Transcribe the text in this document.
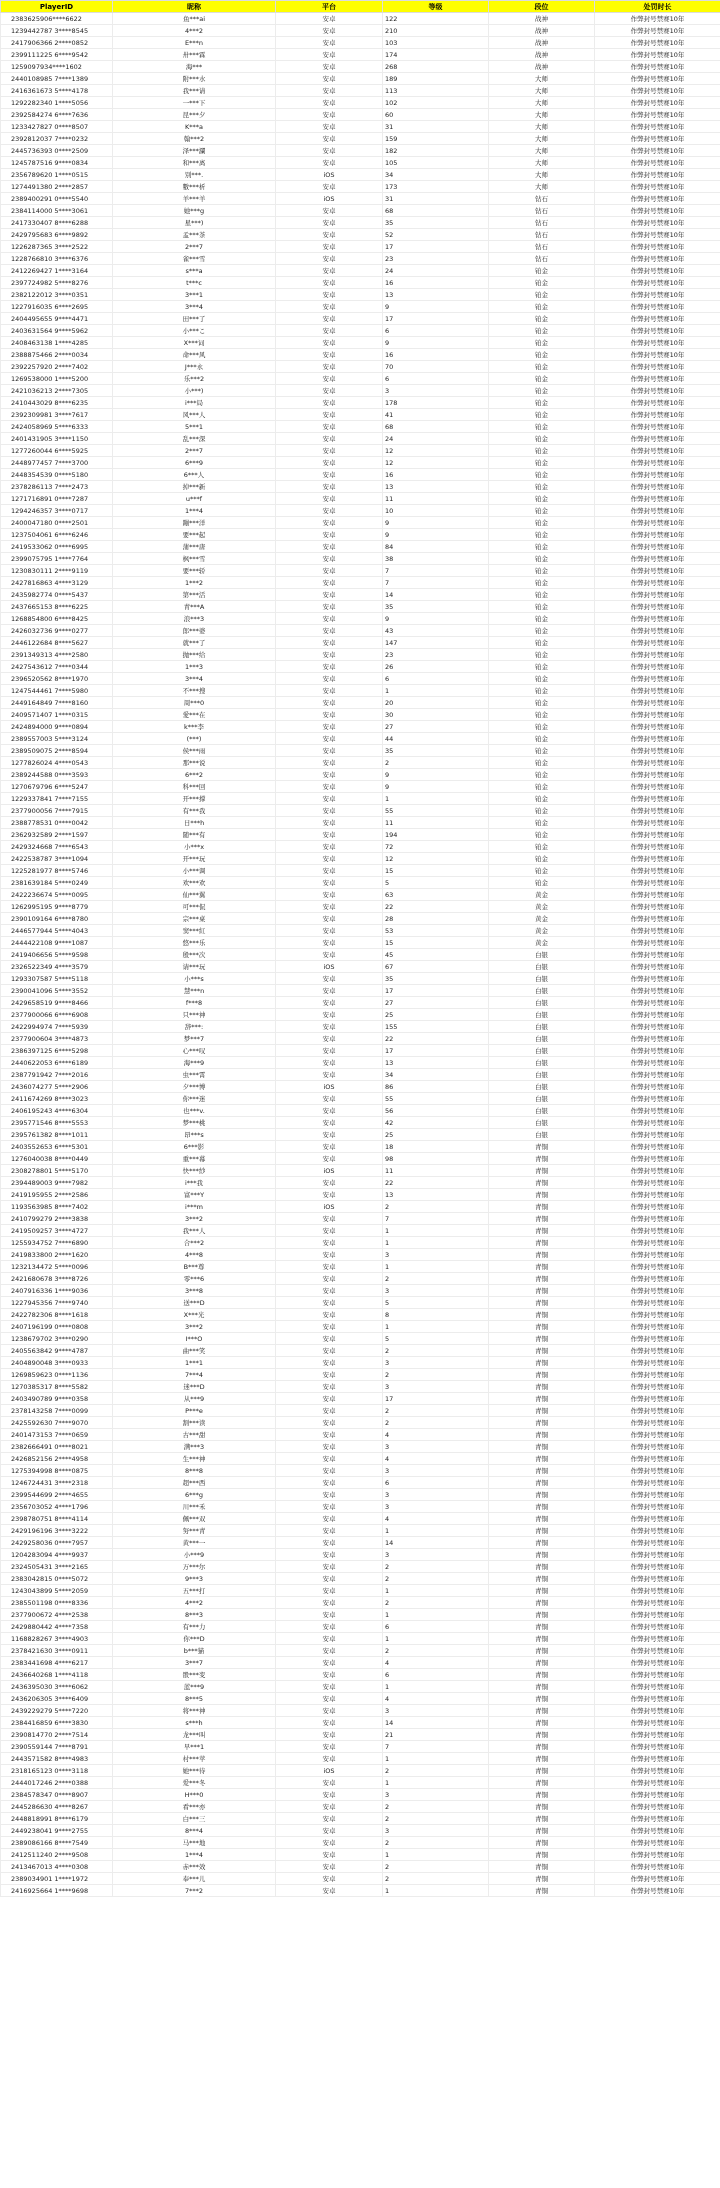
PlayerID	昵称	平台	等级	段位	处罚时长
2383625906****6622	鱼***ai	安卓	122	战神	作弊封号禁赛10年
1239442787 3****8545	4***2	安卓	210	战神	作弊封号禁赛10年
2417906366 2****0852	E***n	安卓	103	战神	作弊封号禁赛10年
2399111225 6****9542	卅***霖	安卓	174	战神	作弊封号禁赛10年
1259097934****1602	海***	安卓	268	战神	作弊封号禁赛10年
2440108985 7****1389	附***水	安卓	189	大师	作弊封号禁赛10年
2416361673 5****4178	我***请	安卓	113	大师	作弊封号禁赛10年
1292282340 1****5056	一***下	安卓	102	大师	作弊封号禁赛10年
2392584274 6****7636	昆***夕	安卓	60	大师	作弊封号禁赛10年
1233427827 0****8507	K***a	安卓	31	大师	作弊封号禁赛10年
2392812037 7****0232	翰***2	安卓	159	大师	作弊封号禁赛10年
2445736393 0****2509	泽***瀾	安卓	182	大师	作弊封号禁赛10年
1245787516 9****0834	和***离	安卓	105	大师	作弊封号禁赛10年
2356789620 1****0515	別***.	iOS	34	大师	作弊封号禁赛10年
1274491380 2****2857	數***析	安卓	173	大师	作弊封号禁赛10年
2389400291 0****5540	羊***羊	iOS	31	钻石	作弊封号禁赛10年
2384114000 5****3061	她***g	安卓	68	钻石	作弊封号禁赛10年
2417330407 8****6288	星***)	安卓	35	钻石	作弊封号禁赛10年
2429795683 6****9892	孟***茶	安卓	52	钻石	作弊封号禁赛10年
1226287365 3****2522	2***7	安卓	17	钻石	作弊封号禁赛10年
1228766810 3****6376	雀***雪	安卓	23	钻石	作弊封号禁赛10年
2412269427 1****3164	s***a	安卓	24	铂金	作弊封号禁赛10年
2397724982 5****8276	t***c	安卓	16	铂金	作弊封号禁赛10年
2382122012 3****0351	3***1	安卓	13	铂金	作弊封号禁赛10年
1227916035 6****2695	3***4	安卓	9	铂金	作弊封号禁赛10年
2404495655 9****4471	田***了	安卓	17	铂金	作弊封号禁赛10年
2403631564 9****5962	小***こ	安卓	6	铂金	作弊封号禁赛10年
2408463138 1****4285	X***词	安卓	9	铂金	作弊封号禁赛10年
2388875466 2****0034	命***风	安卓	16	铂金	作弊封号禁赛10年
2392257920 2****7402	J***永	安卓	70	铂金	作弊封号禁赛10年
1269538000 1****5200	乐***2	安卓	6	铂金	作弊封号禁赛10年
2421036213 2****7305	小***)	安卓	3	铂金	作弊封号禁赛10年
2410443029 8****6235	i***局	安卓	178	铂金	作弊封号禁赛10年
2392309981 3****7617	风***人	安卓	41	铂金	作弊封号禁赛10年
2424058969 5****6333	5***1	安卓	68	铂金	作弊封号禁赛10年
2401431905 3****1150	乱***深	安卓	24	铂金	作弊封号禁赛10年
1277260044 6****5925	2***7	安卓	12	铂金	作弊封号禁赛10年
2448977457 7****3700	6***9	安卓	12	铂金	作弊封号禁赛10年
2448354539 0****5180	6***人	安卓	16	铂金	作弊封号禁赛10年
2378286113 7****2473	掉***新	安卓	13	铂金	作弊封号禁赛10年
1271716891 0****7287	u***f	安卓	11	铂金	作弊封号禁赛10年
1294246357 3****0717	1***4	安卓	10	铂金	作弊封号禁赛10年
2400047180 0****2501	蹦***洋	安卓	9	铂金	作弊封号禁赛10年
1237504061 6****6246	要***起	安卓	9	铂金	作弊封号禁赛10年
2419533062 0****6995	蒲***唐	安卓	84	铂金	作弊封号禁赛10年
2399075795 1****7764	枫***雪	安卓	38	铂金	作弊封号禁赛10年
1230830111 2****9119	要***轿	安卓	7	铂金	作弊封号禁赛10年
2427816863 4****3129	1***2	安卓	7	铂金	作弊封号禁赛10年
2435982774 0****5437	第***活	安卓	14	铂金	作弊封号禁赛10年
2437665153 8****6225	青***A	安卓	35	铂金	作弊封号禁赛10年
1268854800 6****8425	浪***3	安卓	9	铂金	作弊封号禁赛10年
2426032736 9****0277	郎***婆	安卓	43	铂金	作弊封号禁赛10年
2446122684 8****5627	就***了	安卓	147	铂金	作弊封号禁赛10年
2391349313 4****2580	抛***给	安卓	23	铂金	作弊封号禁赛10年
2427543612 7****0344	1***3	安卓	26	铂金	作弊封号禁赛10年
2396520562 8****1970	3***4	安卓	6	铂金	作弊封号禁赛10年
1247544461 7****5980	不***搜	安卓	1	铂金	作弊封号禁赛10年
2449164849 7****8160	周***0	安卓	20	铂金	作弊封号禁赛10年
2409571407 1****0315	愛***在	安卓	30	铂金	作弊封号禁赛10年
2424894000 9****0894	k***李	安卓	27	铂金	作弊封号禁赛10年
2389557003 5****3124	(***)	安卓	44	铂金	作弊封号禁赛10年
2389509075 2****8594	侯***雨	安卓	35	铂金	作弊封号禁赛10年
1277826024 4****0543	那***说	安卓	2	铂金	作弊封号禁赛10年
2389244588 0****3593	6***2	安卓	9	铂金	作弊封号禁赛10年
1270679796 6****5247	科***回	安卓	9	铂金	作弊封号禁赛10年
1229337841 7****7155	开***撑	安卓	1	铂金	作弊封号禁赛10年
2377900056 7****7915	有***我	安卓	55	铂金	作弊封号禁赛10年
2388778531 0****0042	日***h	安卓	11	铂金	作弊封号禁赛10年
2362932589 2****1597	随***有	安卓	194	铂金	作弊封号禁赛10年
2429324668 7****6543	小***x	安卓	72	铂金	作弊封号禁赛10年
2422538787 3****1094	开***玩	安卓	12	铂金	作弊封号禁赛10年
1225281977 8****5746	小***调	安卓	15	铂金	作弊封号禁赛10年
2381639184 5****0249	欢***欢	安卓	5	铂金	作弊封号禁赛10年
2422236674 5****0095	仙***翼	安卓	63	黄金	作弊封号禁赛10年
1262995195 9****8779	可***侃	安卓	22	黄金	作弊封号禁赛10年
2390109164 6****8780	宗***桌	安卓	28	黄金	作弊封号禁赛10年
2446577944 5****4043	窦***紅	安卓	53	黄金	作弊封号禁赛10年
2444422108 9****1087	悠***乐	安卓	15	黄金	作弊封号禁赛10年
2419406656 5****9598	殷***次	安卓	45	白银	作弊封号禁赛10年
2326522349 4****3579	请***玩	iOS	67	白银	作弊封号禁赛10年
1293307587 5****5118	小***s	安卓	35	白银	作弊封号禁赛10年
2390041096 5****3552	慧***n	安卓	17	白银	作弊封号禁赛10年
2429658519 9****8466	f***8	安卓	27	白银	作弊封号禁赛10年
2377900066 6****6908	只***神	安卓	25	白银	作弊封号禁赛10年
2422994974 7****5939	辞***:	安卓	155	白银	作弊封号禁赛10年
2377900604 3****4873	梦***7	安卓	22	白银	作弊封号禁赛10年
2386397125 6****5298	心***叹	安卓	17	白银	作弊封号禁赛10年
2440622053 6****6189	海***9	安卓	13	白银	作弊封号禁赛10年
2387791942 7****2016	虫***霄	安卓	34	白银	作弊封号禁赛10年
2436074277 5****2906	夕***博	iOS	86	白银	作弊封号禁赛10年
2411674269 8****3023	你***迷	安卓	55	白银	作弊封号禁赛10年
2406195243 4****6304	也***v.	安卓	56	白银	作弊封号禁赛10年
2395771546 8****5553	梦***桃	安卓	42	白银	作弊封号禁赛10年
2395761382 8****1011	昂***s	安卓	25	白银	作弊封号禁赛10年
2403552653 6****5301	6***影	安卓	18	青铜	作弊封号禁赛10年
1276040038 8****0449	重***幕	安卓	98	青铜	作弊封号禁赛10年
2308278801 5****5170	快***紗	iOS	11	青铜	作弊封号禁赛10年
2394489003 9****7982	i***我	安卓	22	青铜	作弊封号禁赛10年
2419195955 2****2586	富***Y	安卓	13	青铜	作弊封号禁赛10年
1193563985 8****7402	i***m	iOS	2	青铜	作弊封号禁赛10年
2410799279 2****3838	3***2	安卓	7	青铜	作弊封号禁赛10年
2419509257 3****4727	我***人	安卓	1	青铜	作弊封号禁赛10年
1255934752 7****6890	合***2	安卓	1	青铜	作弊封号禁赛10年
2419833800 2****1620	4***8	安卓	3	青铜	作弊封号禁赛10年
1232134472 5****0096	B***尊	安卓	1	青铜	作弊封号禁赛10年
2421680678 3****8726	零***6	安卓	2	青铜	作弊封号禁赛10年
2407916336 1****9036	3***8	安卓	3	青铜	作弊封号禁赛10年
1227945356 7****9740	送***D	安卓	5	青铜	作弊封号禁赛10年
2422782306 8****1618	X***光	安卓	8	青铜	作弊封号禁赛10年
2407196199 0****0808	3***2	安卓	1	青铜	作弊封号禁赛10年
1238679702 3****0290	I***O	安卓	5	青铜	作弊封号禁赛10年
2405563842 9****4787	曲***笑	安卓	2	青铜	作弊封号禁赛10年
2404890048 3****0933	1***1	安卓	3	青铜	作弊封号禁赛10年
1269859623 0****1136	7***4	安卓	2	青铜	作弊封号禁赛10年
1270385317 8****5582	迷***D	安卓	3	青铜	作弊封号禁赛10年
2403490789 9****0358	从***9	安卓	17	青铜	作弊封号禁赛10年
2378143258 7****0099	P***e	安卓	2	青铜	作弊封号禁赛10年
2425592630 7****9070	割***读	安卓	2	青铜	作弊封号禁赛10年
2401473153 7****0659	古***甜	安卓	4	青铜	作弊封号禁赛10年
2382666491 0****8021	满***3	安卓	3	青铜	作弊封号禁赛10年
2426852156 2****4958	生***神	安卓	4	青铜	作弊封号禁赛10年
1275394998 8****0875	8***8	安卓	3	青铜	作弊封号禁赛10年
1246724431 3****2318	超***西	安卓	6	青铜	作弊封号禁赛10年
2399544699 2****4655	6***g	安卓	3	青铜	作弊封号禁赛10年
2356703052 4****1796	川***禾	安卓	3	青铜	作弊封号禁赛10年
2398780751 8****4114	佩***双	安卓	4	青铜	作弊封号禁赛10年
2429196196 3****3222	努***青	安卓	1	青铜	作弊封号禁赛10年
2429258036 0****7957	黄***一	安卓	14	青铜	作弊封号禁赛10年
1204283094 4****9937	小***9	安卓	3	青铜	作弊封号禁赛10年
2324505431 3****2165	万***尔	安卓	2	青铜	作弊封号禁赛10年
2383042815 0****5072	9***3	安卓	2	青铜	作弊封号禁赛10年
1243043899 5****2059	五***打	安卓	1	青铜	作弊封号禁赛10年
2385501198 0****8336	4***2	安卓	2	青铜	作弊封号禁赛10年
2377900672 4****2538	8***3	安卓	1	青铜	作弊封号禁赛10年
2429880442 4****7358	有***力	安卓	6	青铜	作弊封号禁赛10年
1168828267 3****4903	你***D	安卓	1	青铜	作弊封号禁赛10年
2378421630 3****0911	b***猫	安卓	2	青铜	作弊封号禁赛10年
2383441698 4****6217	3***7	安卓	4	青铜	作弊封号禁赛10年
2436640268 1****4118	骰***变	安卓	6	青铜	作弊封号禁赛10年
2436395030 3****6062	蓝***9	安卓	1	青铜	作弊封号禁赛10年
2436206305 3****6409	8***5	安卓	4	青铜	作弊封号禁赛10年
2439229279 5****7220	将***神	安卓	3	青铜	作弊封号禁赛10年
2384416859 6****3830	s***h	安卓	14	青铜	作弊封号禁赛10年
2390814770 2****7514	龙***叫	安卓	21	青铜	作弊封号禁赛10年
2390559144 7****8791	早***1	安卓	7	青铜	作弊封号禁赛10年
2443571582 8****4983	村***苹	安卓	1	青铜	作弊封号禁赛10年
2318165123 0****3118	她***待	iOS	2	青铜	作弊封号禁赛10年
2444017246 2****0388	爱***冬	安卓	1	青铜	作弊封号禁赛10年
2384578347 0****8907	H***0	安卓	3	青铜	作弊封号禁赛10年
2445286630 4****8267	看***亦	安卓	2	青铜	作弊封号禁赛10年
2448818991 8****6179	白***三	安卓	2	青铜	作弊封号禁赛10年
2449238041 9****2755	8***4	安卓	3	青铜	作弊封号禁赛10年
2389086166 8****7549	马***地	安卓	2	青铜	作弊封号禁赛10年
2412511240 2****9508	1***4	安卓	1	青铜	作弊封号禁赛10年
2413467013 4****0308	赤***效	安卓	2	青铜	作弊封号禁赛10年
2389034901 1****1972	奉***儿	安卓	2	青铜	作弊封号禁赛10年
2416925664 1****9698	7***2	安卓	1	青铜	作弊封号禁赛10年
